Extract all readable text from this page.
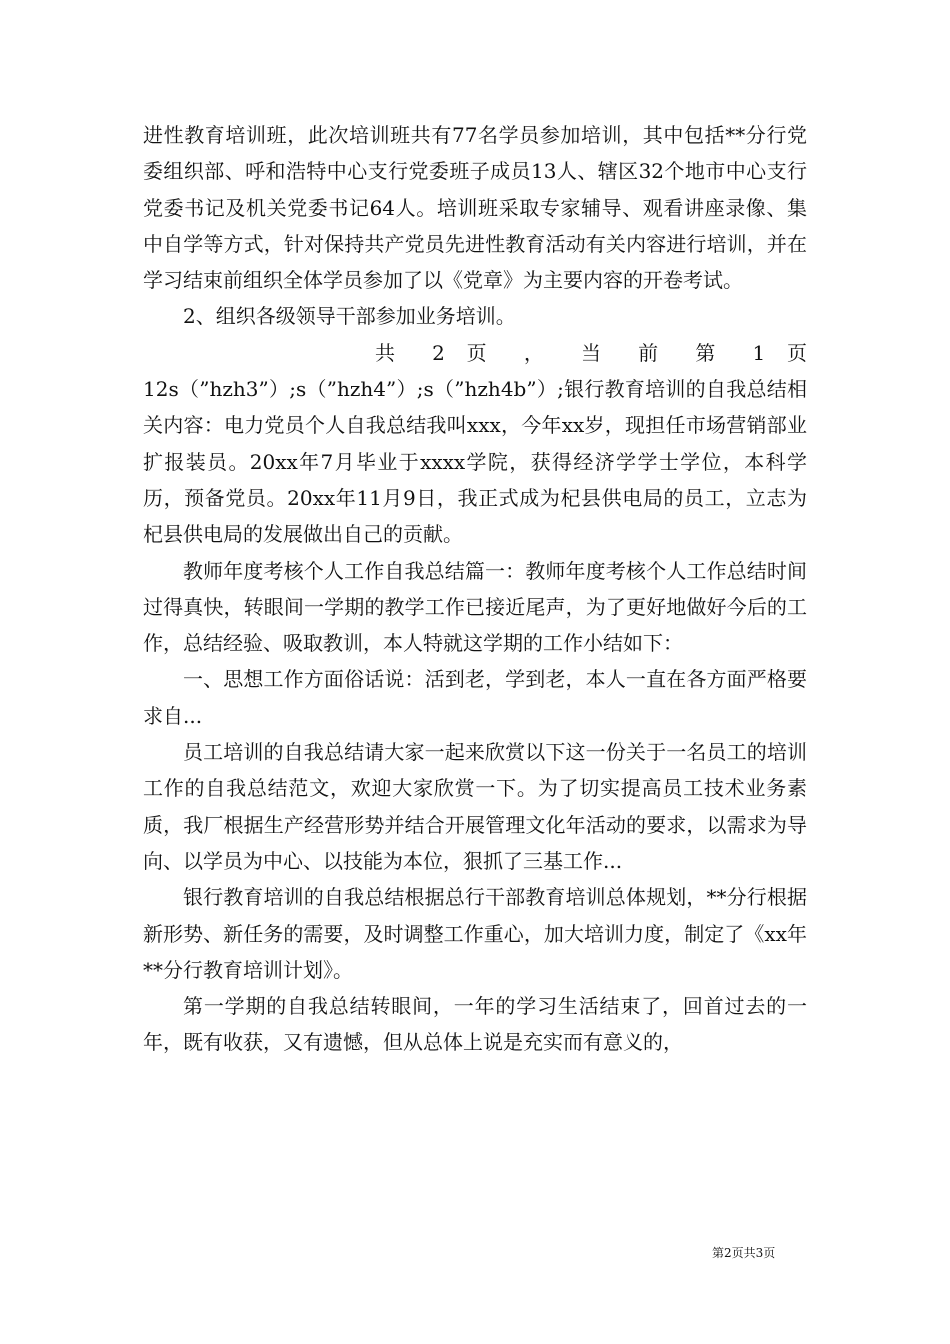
进性教育培训班，此次培训班共有77名学员参加培训，其中包括**分行党委组织部、呼和浩特中心支行党委班子成员13人、辖区32个地市中心支行党委书记及机关党委书记64人。培训班采取专家辅导、观看讲座录像、集中自学等方式，针对保持共产党员先进性教育活动有关内容进行培训，并在学习结束前组织全体学员参加了以《党章》为主要内容的开卷考试。

2、组织各级领导干部参加业务培训。

共 2 页 ， 当 前 第 1 页

12s（”hzh3”）;s（”hzh4”）;s（”hzh4b”）;银行教育培训的自我总结相关内容：电力党员个人自我总结我叫xxx，今年xx岁，现担任市场营销部业扩报装员。20xx年7月毕业于xxxx学院，获得经济学学士学位，本科学历，预备党员。20xx年11月9日，我正式成为杞县供电局的员工，立志为杞县供电局的发展做出自己的贡献。

教师年度考核个人工作自我总结篇一：教师年度考核个人工作总结时间过得真快，转眼间一学期的教学工作已接近尾声，为了更好地做好今后的工作，总结经验、吸取教训，本人特就这学期的工作小结如下：

一、思想工作方面俗话说：活到老，学到老，本人一直在各方面严格要求自...

员工培训的自我总结请大家一起来欣赏以下这一份关于一名员工的培训工作的自我总结范文，欢迎大家欣赏一下。为了切实提高员工技术业务素质，我厂根据生产经营形势并结合开展管理文化年活动的要求，以需求为导向、以学员为中心、以技能为本位，狠抓了三基工作...

银行教育培训的自我总结根据总行干部教育培训总体规划，**分行根据新形势、新任务的需要，及时调整工作重心，加大培训力度，制定了《xx年**分行教育培训计划》。

第一学期的自我总结转眼间，一年的学习生活结束了，回首过去的一年，既有收获，又有遗憾，但从总体上说是充实而有意义的，

第2页共3页
